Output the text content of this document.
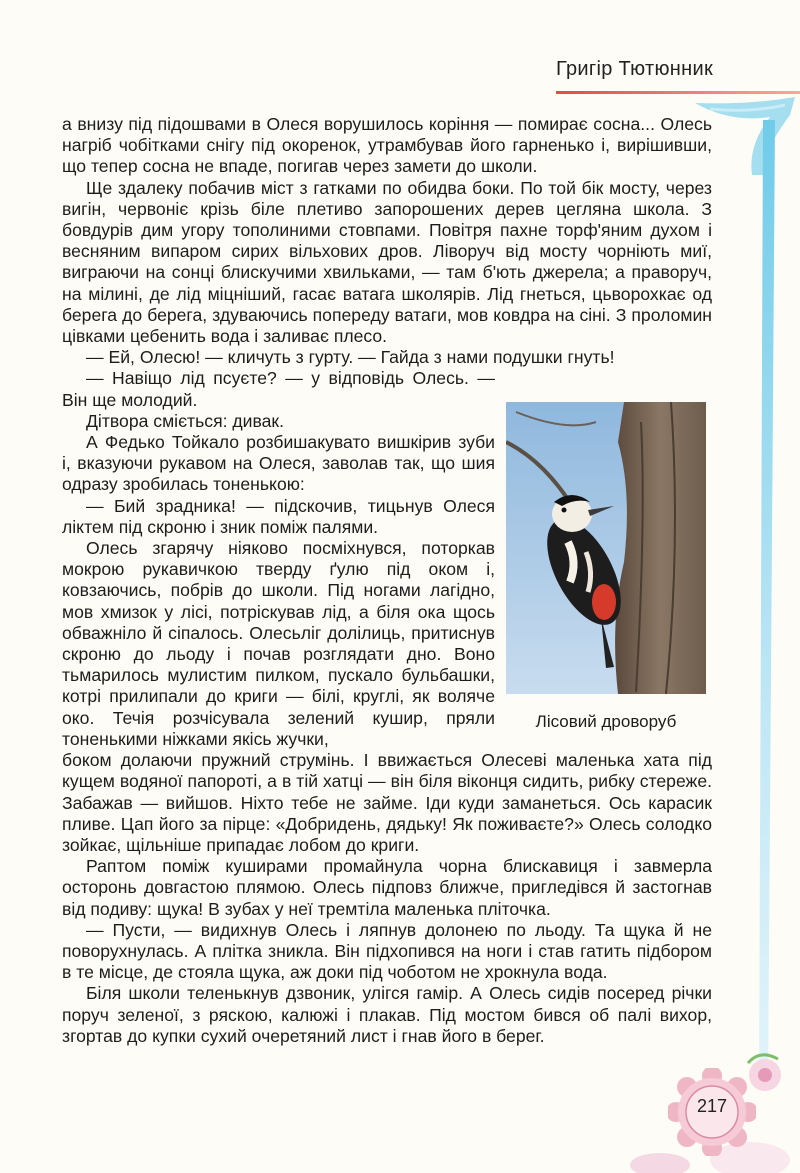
Григір Тютюнник

а внизу під підошвами в Олеся ворушилось коріння — помирає сосна... Олесь нагріб чобітками снігу під окоренок, утрамбував його гарненько і, вирішивши, що тепер сосна не впаде, погигав через замети до школи.

Ще здалеку побачив міст з гатками по обидва боки. По той бік мосту, через вигін, червоніє крізь біле плетиво запорошених дерев цегляна школа. З бовдурів дим угору тополиними стовпами. Повітря пахне торф'яним духом і весняним випаром сирих вільхових дров. Ліворуч від мосту чорніють миї, виграючи на сонці блискучими хвильками, — там б'ють джерела; а праворуч, на мілині, де лід міцніший, гасає ватага школярів. Лід гнеться, цьворохкає од берега до берега, здуваючись попереду ватаги, мов ковдра на сіні. З проломин цівками цебенить вода і заливає плесо.

— Ей, Олесю! — кличуть з гурту. — Гайда з нами подушки гнуть!

— Навіщо лід псуєте? — у відповідь Олесь. — Він ще молодий.

Дітвора сміється: дивак.

А Федько Тойкало розбишакувато вишкірив зуби і, вказуючи рукавом на Олеся, заволав так, що шия одразу зробилась тоненькою:

— Бий зрадника! — підскочив, тицьнув Олеся ліктем під скроню і зник поміж палями.

Олесь згарячу ніяково посміхнувся, поторкав мокрою рукавичкою тверду ґулю під оком і, ковзаючись, побрів до школи. Під ногами лагідно, мов хмизок у лісі, потріскував лід, а біля ока щось обважніло й сіпалось. Олесьліг долілиць, притиснув скроню до льоду і почав розглядати дно. Воно тьмарилось мулистим пилком, пускало бульбашки, котрі прилипали до криги — білі, круглі, як воляче око. Течія розчісувала зелений кушир, пряли тоненькими ніжками якісь жучки,

боком долаючи пружний струмінь. І ввижається Олесеві маленька хата під кущем водяної папороті, а в тій хатці — він біля віконця сидить, рибку стереже. Забажав — вийшов. Ніхто тебе не займе. Іди куди заманеться. Ось карасик пливе. Цап його за пірце: «Добридень, дядьку! Як поживаєте?» Олесь солодко зойкає, щільніше припадає лобом до криги.

Раптом поміж куширами промайнула чорна блискавиця і завмерла осторонь довгастою плямою. Олесь підповз ближче, пригледівся й застогнав від подиву: щука! В зубах у неї тремтіла маленька пліточка.

— Пусти, — видихнув Олесь і ляпнув долонею по льоду. Та щука й не поворухнулась. А плітка зникла. Він підхопився на ноги і став гатить підбором в те місце, де стояла щука, аж доки під чоботом не хрокнула вода.

Біля школи теленькнув дзвоник, улігся гамір. А Олесь сидів посеред річки поруч зеленої, з ряскою, калюжі і плакав. Під мостом бився об палі вихор, згортав до купки сухий очеретяний лист і гнав його в берег.

Лісовий дроворуб
217
